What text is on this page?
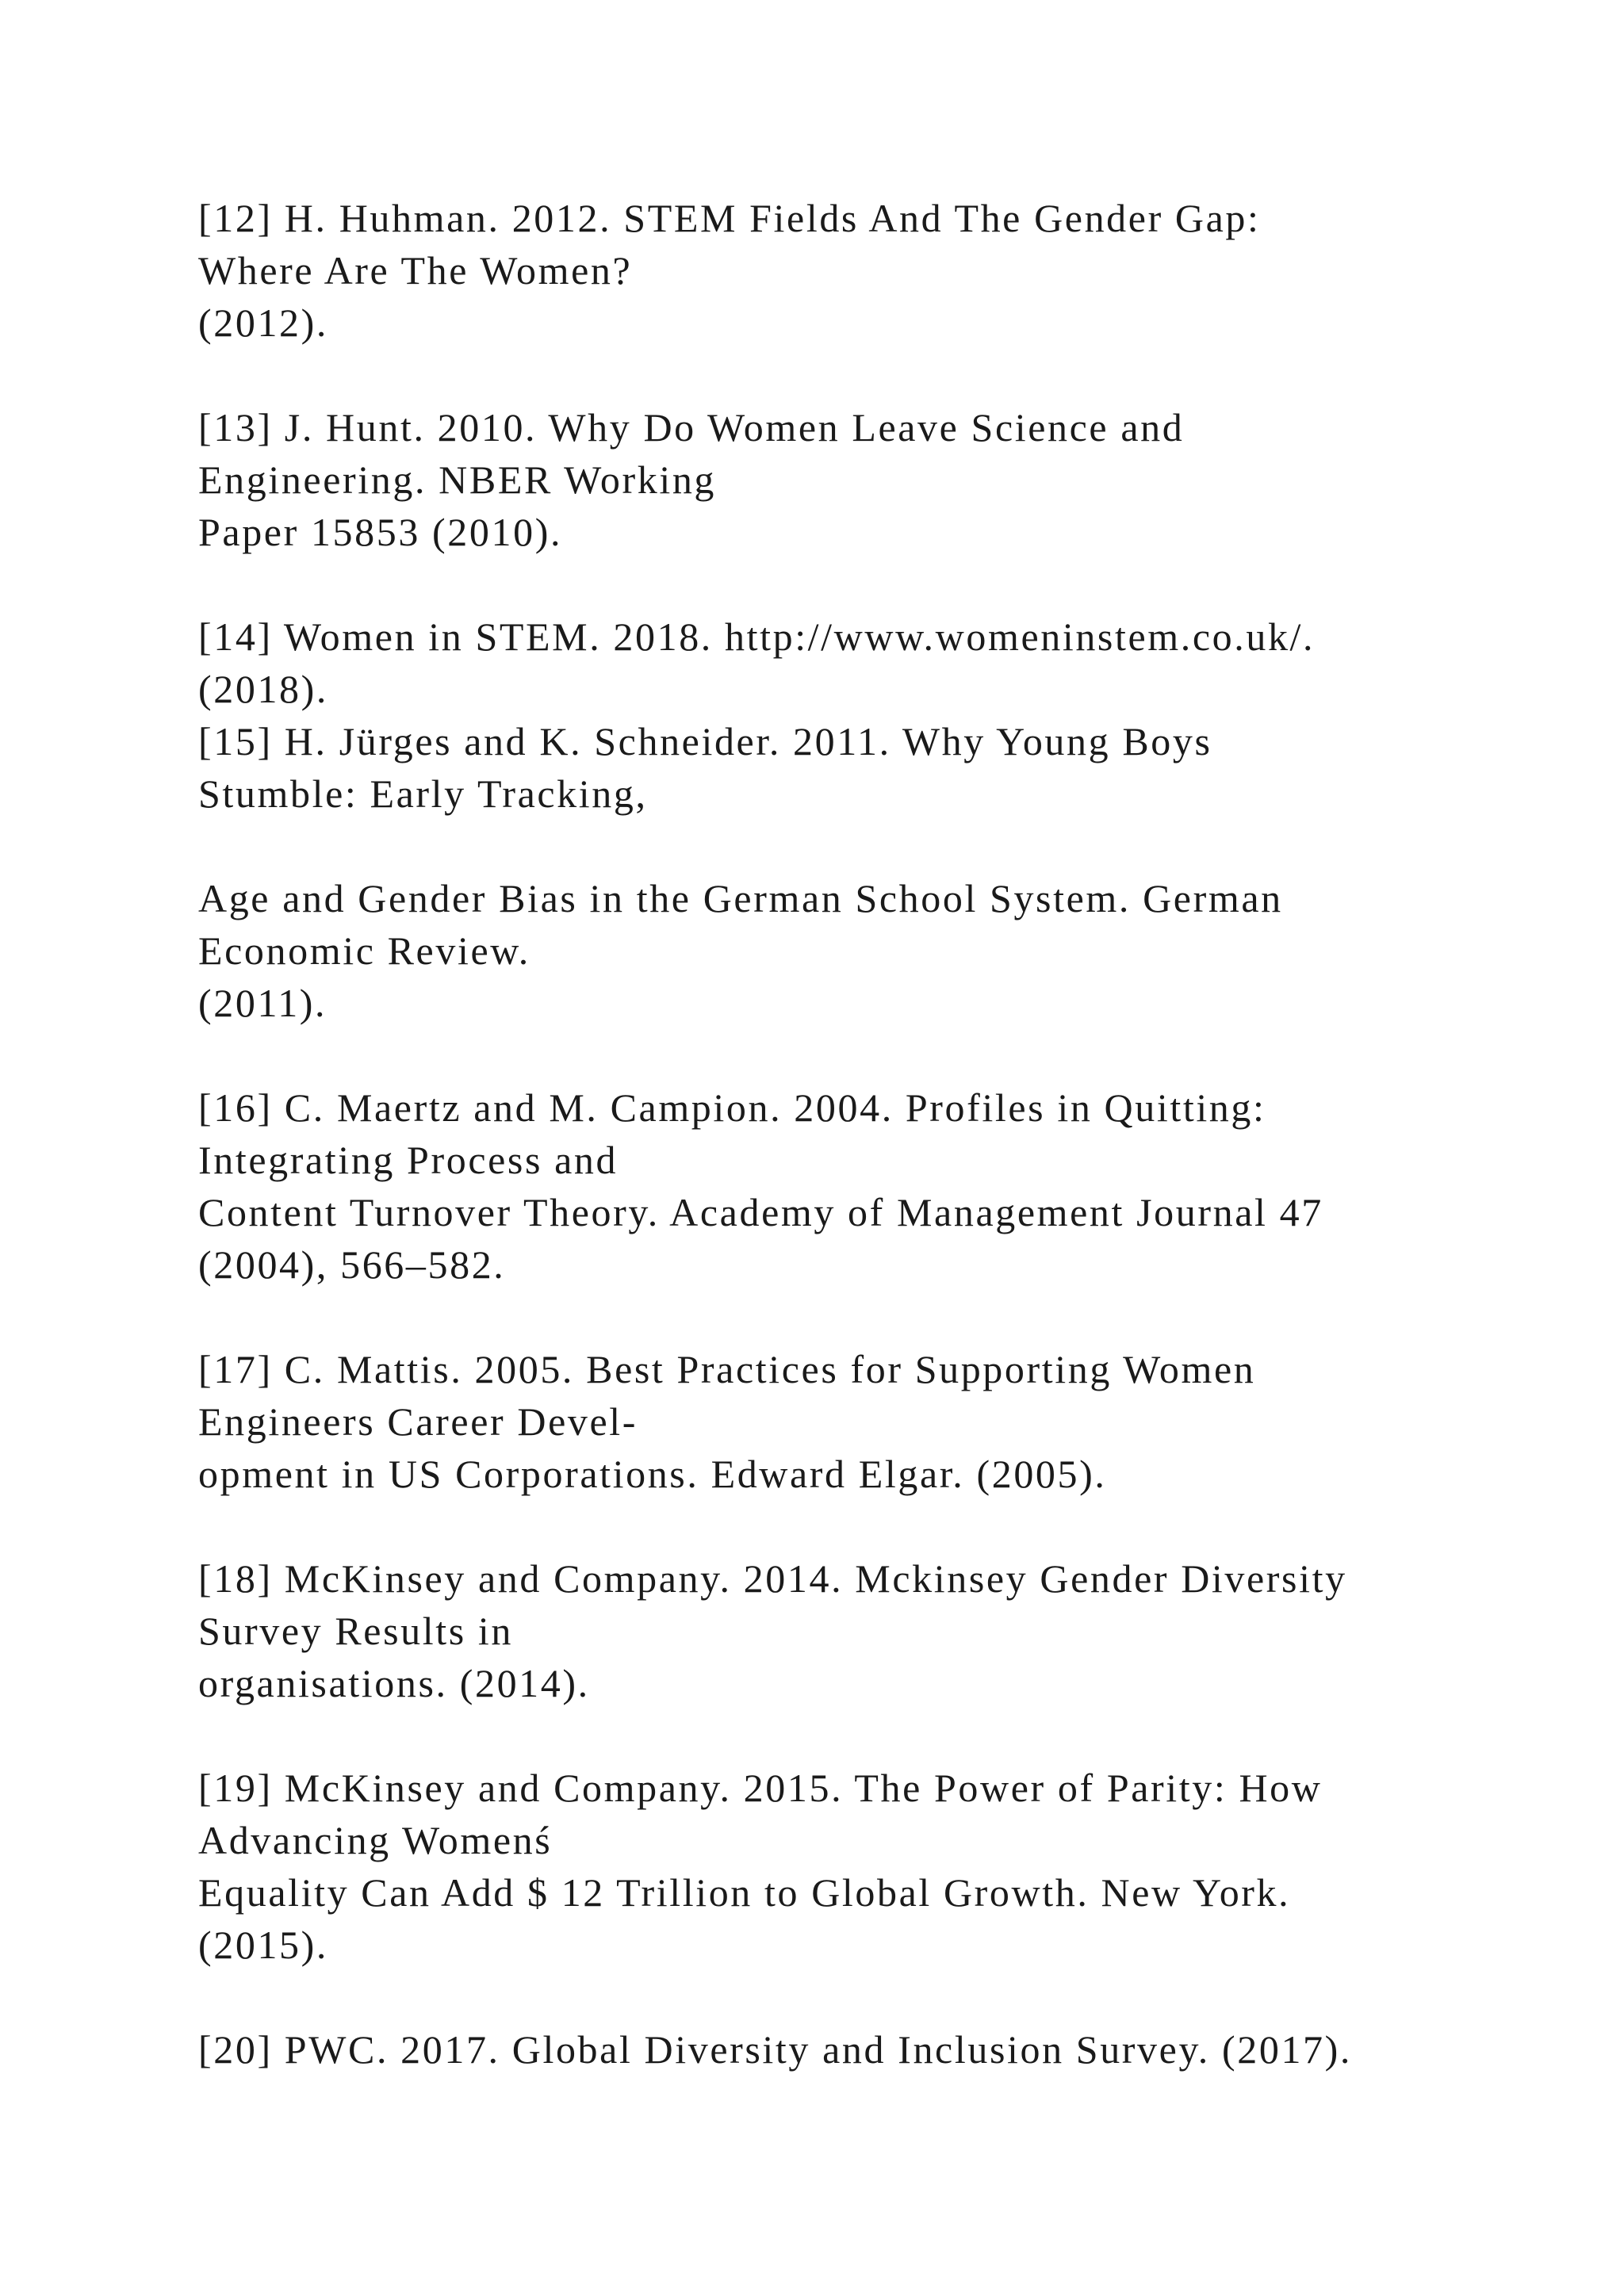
[12] H. Huhman. 2012. STEM Fields And The Gender Gap:
Where Are The Women?
(2012).
[13] J. Hunt. 2010. Why Do Women Leave Science and
Engineering. NBER Working
Paper 15853 (2010).
[14] Women in STEM. 2018. http://www.womeninstem.co.uk/.
(2018).
[15] H. Jürges and K. Schneider. 2011. Why Young Boys
Stumble: Early Tracking,
Age and Gender Bias in the German School System. German
Economic Review.
(2011).
[16] C. Maertz and M. Campion. 2004. Profiles in Quitting:
Integrating Process and
Content Turnover Theory. Academy of Management Journal 47
(2004), 566–582.
[17] C. Mattis. 2005. Best Practices for Supporting Women
Engineers Career Devel-
opment in US Corporations. Edward Elgar. (2005).
[18] McKinsey and Company. 2014. Mckinsey Gender Diversity
Survey Results in
organisations. (2014).
[19] McKinsey and Company. 2015. The Power of Parity: How
Advancing Womenś
Equality Can Add $ 12 Trillion to Global Growth. New York.
(2015).
[20] PWC. 2017. Global Diversity and Inclusion Survey. (2017).
